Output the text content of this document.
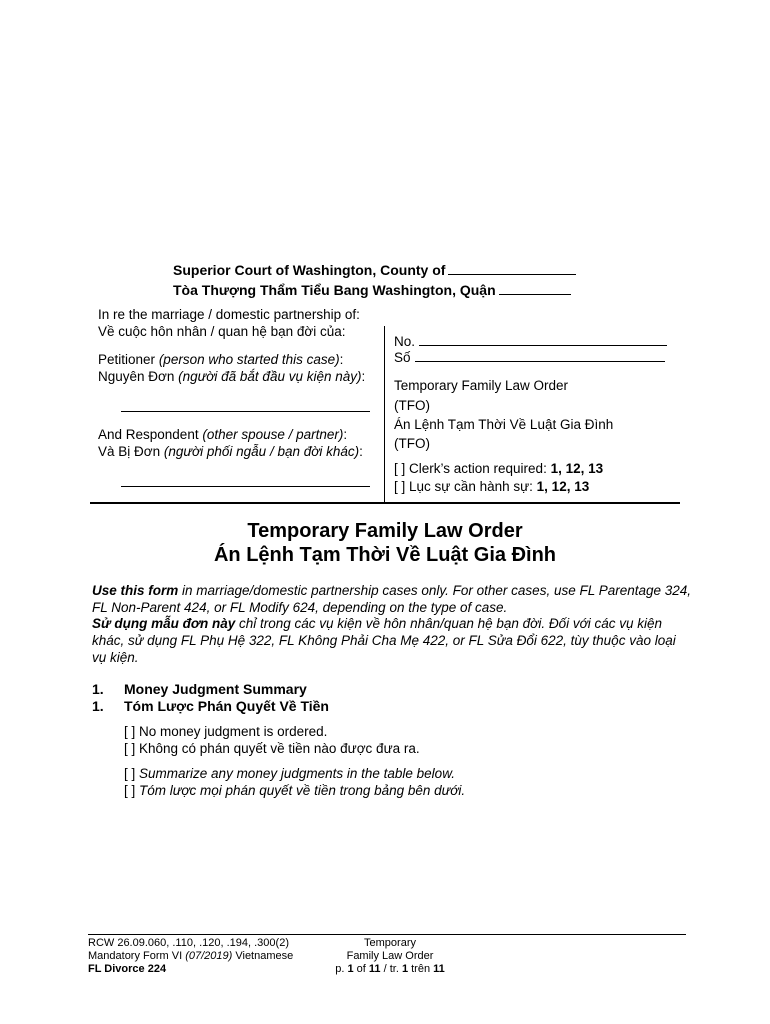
Superior Court of Washington, County of
Tòa Thượng Thẩm Tiểu Bang Washington, Quận
In re the marriage / domestic partnership of:
Về cuộc hôn nhân / quan hệ bạn đời của:
Petitioner (person who started this case):
Nguyên Đơn (người đã bắt đầu vụ kiện này):
And Respondent (other spouse / partner):
Và Bị Đơn (người phối ngẫu / bạn đời khác):
No.
Số
Temporary Family Law Order
(TFO)
Án Lệnh Tạm Thời Về Luật Gia Đình
(TFO)
[ ] Clerk’s action required: 1, 12, 13
[ ] Lục sự cần hành sự: 1, 12, 13
Temporary Family Law Order
Án Lệnh Tạm Thời Về Luật Gia Đình
Use this form in marriage/domestic partnership cases only. For other cases, use FL Parentage 324, FL Non-Parent 424, or FL Modify 624, depending on the type of case.
Sử dụng mẫu đơn này chỉ trong các vụ kiện về hôn nhân/quan hệ bạn đời. Đối với các vụ kiện khác, sử dụng FL Phụ Hệ 322, FL Không Phải Cha Mẹ 422, or FL Sửa Đổi 622, tùy thuộc vào loại vụ kiện.
1. Money Judgment Summary
1. Tóm Lược Phán Quyết Về Tiền
[ ] No money judgment is ordered.
[ ] Không có phán quyết về tiền nào được đưa ra.
[ ] Summarize any money judgments in the table below.
[ ] Tóm lược mọi phán quyết về tiền trong bảng bên dưới.
RCW 26.09.060, .110, .120, .194, .300(2)
Mandatory Form VI (07/2019) Vietnamese
FL Divorce 224
Temporary
Family Law Order
p. 1 of 11 / tr. 1 trên 11
